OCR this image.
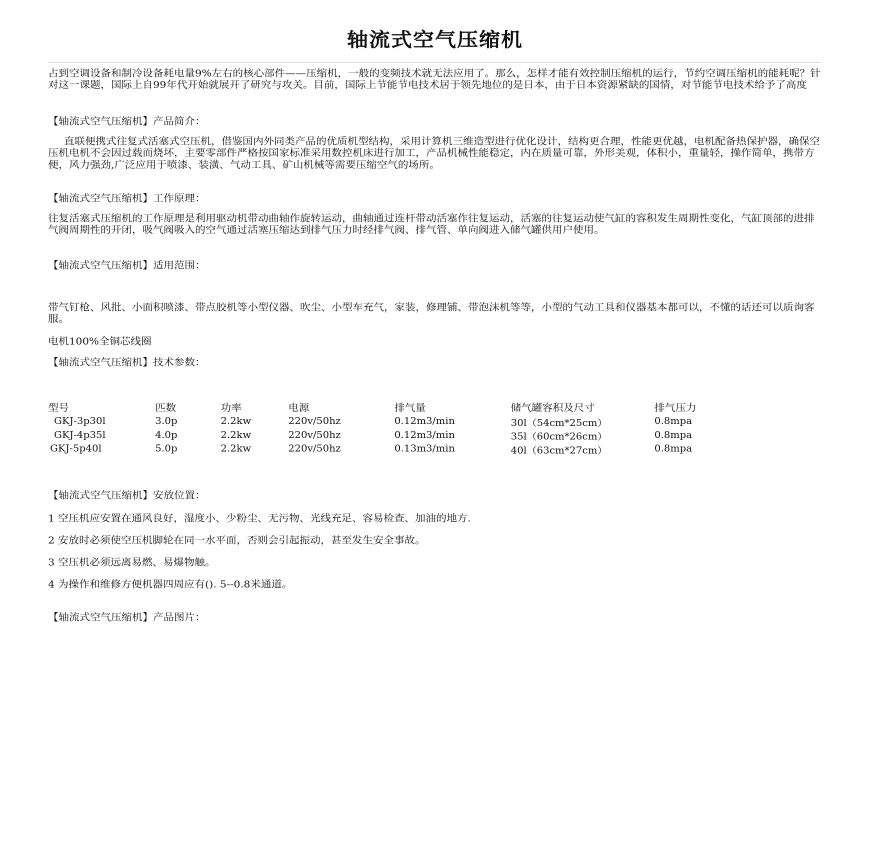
轴流式空气压缩机

占到空调设备和制冷设备耗电量9%左右的核心部件——压缩机，一般的变频技术就无法应用了。那么，怎样才能有效控制压缩机的运行，节约空调压缩机的能耗呢？针对这一课题，国际上自99年代开始就展开了研究与攻关。目前，国际上节能节电技术居于领先地位的是日本，由于日本资源紧缺的国情，对节能节电技术给予了高度

【轴流式空气压缩机】产品简介：

直联便携式往复式活塞式空压机，借鉴国内外同类产品的优质机型结构，采用计算机三维造型进行优化设计，结构更合理，性能更优越，电机配备热保护器，确保空压机电机不会因过载而烧坏，主要零部件严格按国家标准采用数控机床进行加工，产品机械性能稳定，内在质量可靠，外形美观，体积小，重量轻，操作简单，携带方便，风力强劲,广泛应用于喷漆、装潢、气动工具、矿山机械等需要压缩空气的场所。

【轴流式空气压缩机】工作原理：

往复活塞式压缩机的工作原理是利用驱动机带动曲轴作旋转运动，曲轴通过连杆带动活塞作往复运动，活塞的往复运动使气缸的容积发生周期性变化，气缸顶部的进排气阀周期性的开闭，吸气阀吸入的空气通过活塞压缩达到排气压力时经排气阀、排气管、单向阀进入储气罐供用户使用。

【轴流式空气压缩机】适用范围：

带气钉枪、风批、小面积喷漆、带点胶机等小型仪器、吹尘、小型车充气，家装，修理铺、带泡沫机等等，小型的气动工具和仪器基本都可以，不懂的话还可以质询客服。

电机100%全铜芯线圈

【轴流式空气压缩机】技术参数：

型号	匹数	功率	电源	排气量	储气罐容积及尺寸	排气压力
GKJ-3p30l	3.0p	2.2kw	220v/50hz	0.12m3/min	30l（54cm*25cm）	0.8mpa
GKJ-4p35l	4.0p	2.2kw	220v/50hz	0.12m3/min	35l（60cm*26cm）	0.8mpa
GKJ-5p40l	5.0p	2.2kw	220v/50hz	0.13m3/min	40l（63cm*27cm）	0.8mpa

【轴流式空气压缩机】安放位置：

1 空压机应安置在通风良好，湿度小、少粉尘、无污物、光线充足、容易检查、加油的地方.

2 安放时必须使空压机脚轮在同一水平面，否则会引起振动，甚至发生安全事故。

3 空压机必须远离易燃、易爆物触。

4 为操作和维修方便机器四周应有(). 5--0.8米通道。

【轴流式空气压缩机】产品图片：
